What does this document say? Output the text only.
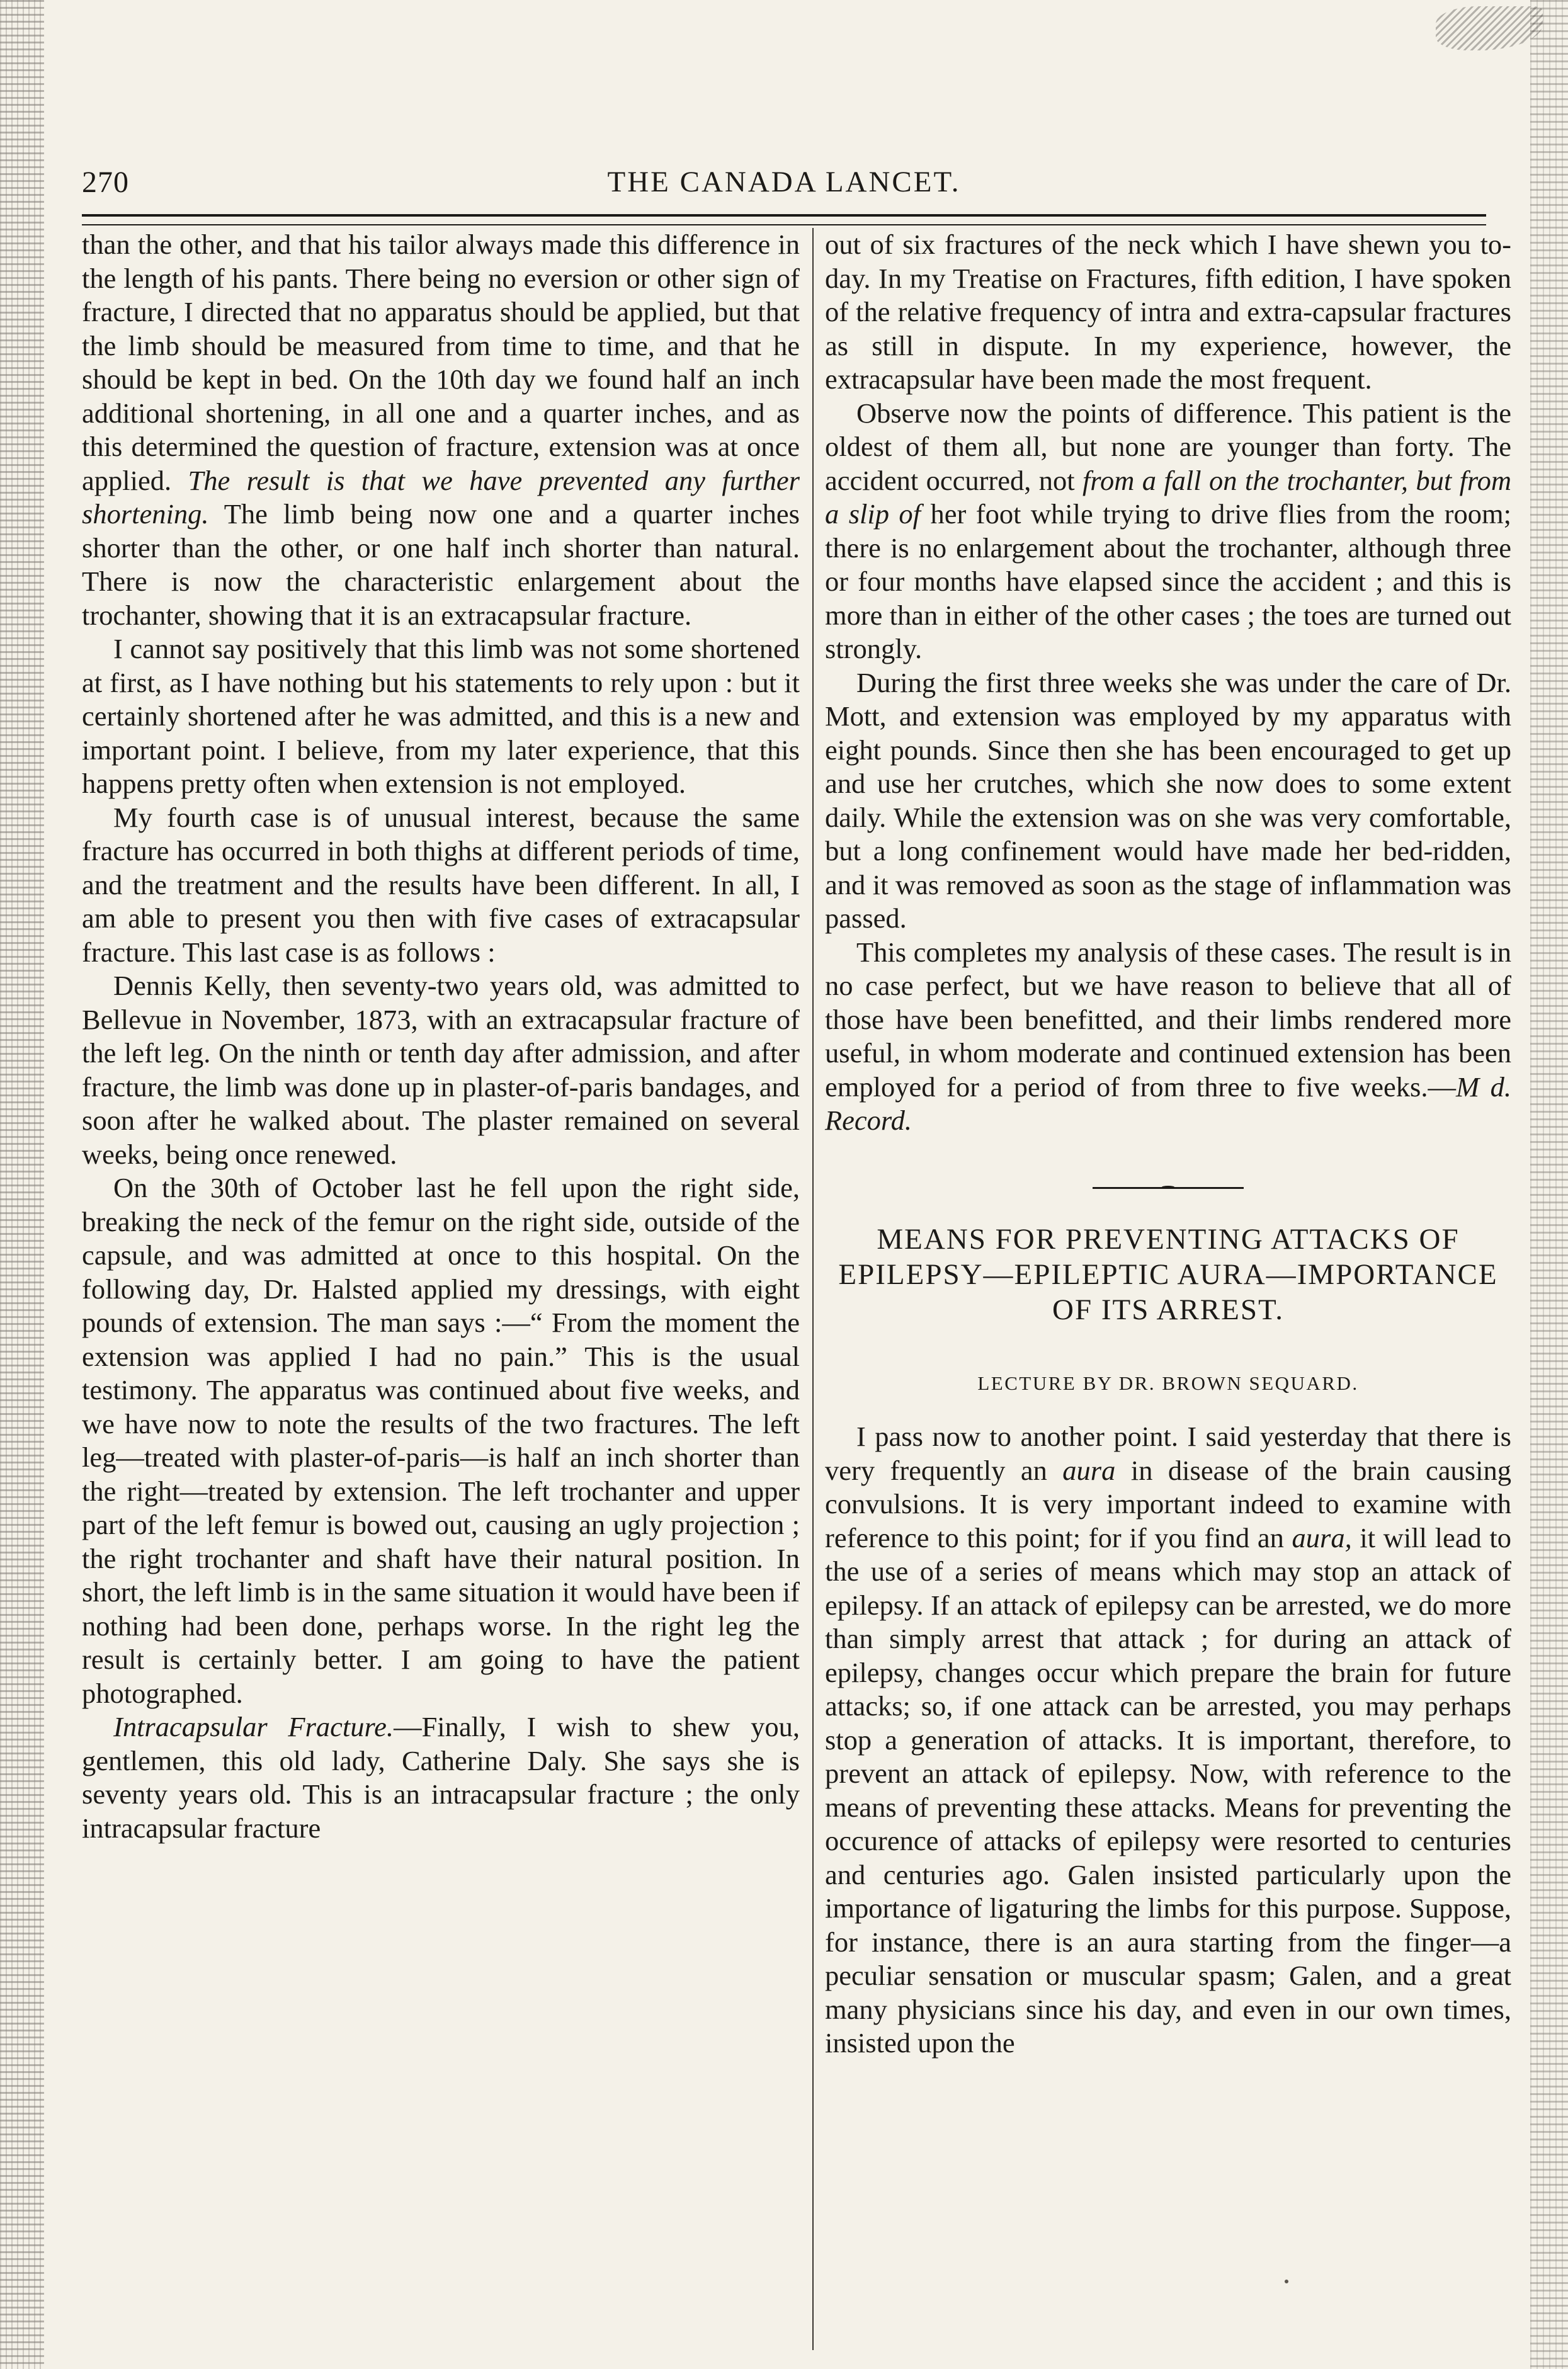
270	THE CANADA LANCET.

than the other, and that his tailor always made this difference in the length of his pants. There being no eversion or other sign of fracture, I directed that no apparatus should be applied, but that the limb should be measured from time to time, and that he should be kept in bed. On the 10th day we found half an inch additional shortening, in all one and a quarter inches, and as this determined the question of fracture, extension was at once applied. The result is that we have prevented any further shortening. The limb being now one and a quarter inches shorter than the other, or one half inch shorter than natural. There is now the characteristic enlargement about the trochanter, showing that it is an extracapsular fracture.

I cannot say positively that this limb was not some shortened at first, as I have nothing but his statements to rely upon : but it certainly shortened after he was admitted, and this is a new and important point. I believe, from my later experience, that this happens pretty often when extension is not employed.

My fourth case is of unusual interest, because the same fracture has occurred in both thighs at different periods of time, and the treatment and the results have been different. In all, I am able to present you then with five cases of extracapsular fracture. This last case is as follows :

Dennis Kelly, then seventy-two years old, was admitted to Bellevue in November, 1873, with an extracapsular fracture of the left leg. On the ninth or tenth day after admission, and after fracture, the limb was done up in plaster-of-paris bandages, and soon after he walked about. The plaster remained on several weeks, being once renewed.

On the 30th of October last he fell upon the right side, breaking the neck of the femur on the right side, outside of the capsule, and was admitted at once to this hospital. On the following day, Dr. Halsted applied my dressings, with eight pounds of extension. The man says :—“ From the moment the extension was applied I had no pain.” This is the usual testimony. The apparatus was continued about five weeks, and we have now to note the results of the two fractures. The left leg—treated with plaster-of-paris—is half an inch shorter than the right—treated by extension. The left trochanter and upper part of the left femur is bowed out, causing an ugly projection ; the right trochanter and shaft have their natural position. In short, the left limb is in the same situation it would have been if nothing had been done, perhaps worse. In the right leg the result is certainly better. I am going to have the patient photographed.

Intracapsular Fracture.—Finally, I wish to shew you, gentlemen, this old lady, Catherine Daly. She says she is seventy years old. This is an intracapsular fracture ; the only intracapsular fracture

out of six fractures of the neck which I have shewn you to-day. In my Treatise on Fractures, fifth edition, I have spoken of the relative frequency of intra and extra-capsular fractures as still in dispute. In my experience, however, the extracapsular have been made the most frequent.

Observe now the points of difference. This patient is the oldest of them all, but none are younger than forty. The accident occurred, not from a fall on the trochanter, but from a slip of her foot while trying to drive flies from the room; there is no enlargement about the trochanter, although three or four months have elapsed since the accident ; and this is more than in either of the other cases ; the toes are turned out strongly.

During the first three weeks she was under the care of Dr. Mott, and extension was employed by my apparatus with eight pounds. Since then she has been encouraged to get up and use her crutches, which she now does to some extent daily. While the extension was on she was very comfortable, but a long confinement would have made her bed-ridden, and it was removed as soon as the stage of inflammation was passed.

This completes my analysis of these cases. The result is in no case perfect, but we have reason to believe that all of those have been benefitted, and their limbs rendered more useful, in whom moderate and continued extension has been employed for a period of from three to five weeks.—M d. Record.

MEANS FOR PREVENTING ATTACKS OF EPILEPSY—EPILEPTIC AURA—IMPORTANCE OF ITS ARREST.
LECTURE BY DR. BROWN SEQUARD.

I pass now to another point. I said yesterday that there is very frequently an aura in disease of the brain causing convulsions. It is very important indeed to examine with reference to this point; for if you find an aura, it will lead to the use of a series of means which may stop an attack of epilepsy. If an attack of epilepsy can be arrested, we do more than simply arrest that attack ; for during an attack of epilepsy, changes occur which prepare the brain for future attacks; so, if one attack can be arrested, you may perhaps stop a generation of attacks. It is important, therefore, to prevent an attack of epilepsy. Now, with reference to the means of preventing these attacks. Means for preventing the occurence of attacks of epilepsy were resorted to centuries and centuries ago. Galen insisted particularly upon the importance of ligaturing the limbs for this purpose. Suppose, for instance, there is an aura starting from the finger—a peculiar sensation or muscular spasm; Galen, and a great many physicians since his day, and even in our own times, insisted upon the
